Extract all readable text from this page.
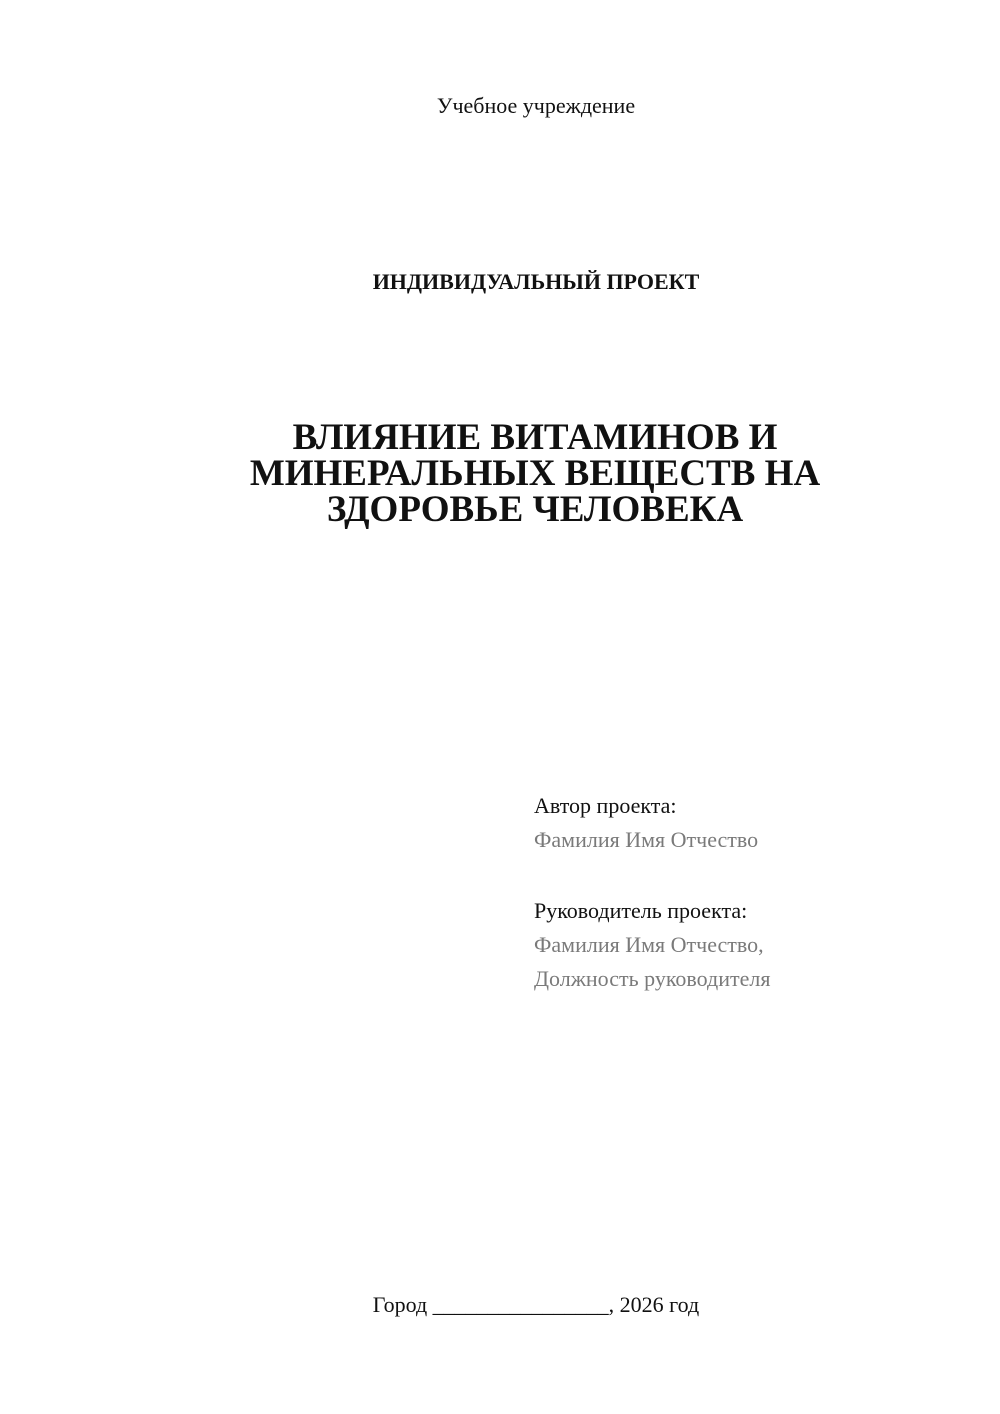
Учебное учреждение
ИНДИВИДУАЛЬНЫЙ ПРОЕКТ
ВЛИЯНИЕ ВИТАМИНОВ И
МИНЕРАЛЬНЫХ ВЕЩЕСТВ НА
ЗДОРОВЬЕ ЧЕЛОВЕКА
Автор проекта:
Фамилия Имя Отчество
Руководитель проекта:
Фамилия Имя Отчество,
Должность руководителя
Город ________________, 2026 год
